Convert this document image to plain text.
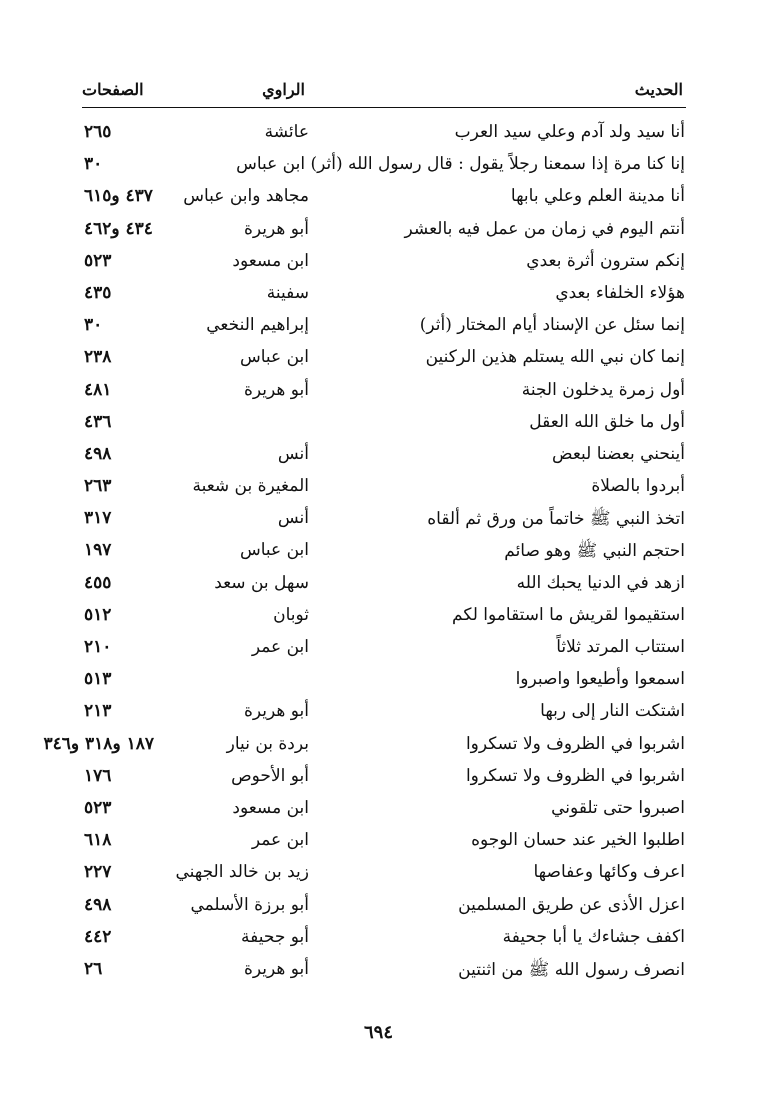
الحديث
الراوي
الصفحات
أنا سيد ولد آدم وعلي سيد العرب
عائشة
٢٦٥
إنا كنا مرة إذا سمعنا رجلاً يقول : قال رسول الله (أثر) ابن عباس
٣٠
أنا مدينة العلم وعلي بابها
مجاهد وابن عباس
٤٣٧ و٦١٥
أنتم اليوم في زمان من عمل فيه بالعشر
أبو هريرة
٤٣٤ و٤٦٢
إنكم سترون أثرة بعدي
ابن مسعود
٥٢٣
هؤلاء الخلفاء بعدي
سفينة
٤٣٥
إنما سئل عن الإسناد أيام المختار (أثر)
إبراهيم النخعي
٣٠
إنما كان نبي الله يستلم هذين الركنين
ابن عباس
٢٣٨
أول زمرة يدخلون الجنة
أبو هريرة
٤٨١
أول ما خلق الله العقل
٤٣٦
أينحني بعضنا لبعض
أنس
٤٩٨
أبردوا بالصلاة
المغيرة بن شعبة
٢٦٣
اتخذ النبي ﷺ خاتماً من ورق ثم ألقاه
أنس
٣١٧
احتجم النبي ﷺ وهو صائم
ابن عباس
١٩٧
ازهد في الدنيا يحبك الله
سهل بن سعد
٤٥٥
استقيموا لقريش ما استقاموا لكم
ثوبان
٥١٢
استتاب المرتد ثلاثاً
ابن عمر
٢١٠
اسمعوا وأطيعوا واصبروا
٥١٣
اشتكت النار إلى ربها
أبو هريرة
٢١٣
اشربوا في الظروف ولا تسكروا
بردة بن نيار
١٨٧ و٣١٨ و٣٤٦
اشربوا في الظروف ولا تسكروا
أبو الأحوص
١٧٦
اصبروا حتى تلقوني
ابن مسعود
٥٢٣
اطلبوا الخير عند حسان الوجوه
ابن عمر
٦١٨
اعرف وكائها وعفاصها
زيد بن خالد الجهني
٢٢٧
اعزل الأذى عن طريق المسلمين
أبو برزة الأسلمي
٤٩٨
اكفف جشاءك يا أبا جحيفة
أبو جحيفة
٤٤٢
انصرف رسول الله ﷺ من اثنتين
أبو هريرة
٢٦
٦٩٤
